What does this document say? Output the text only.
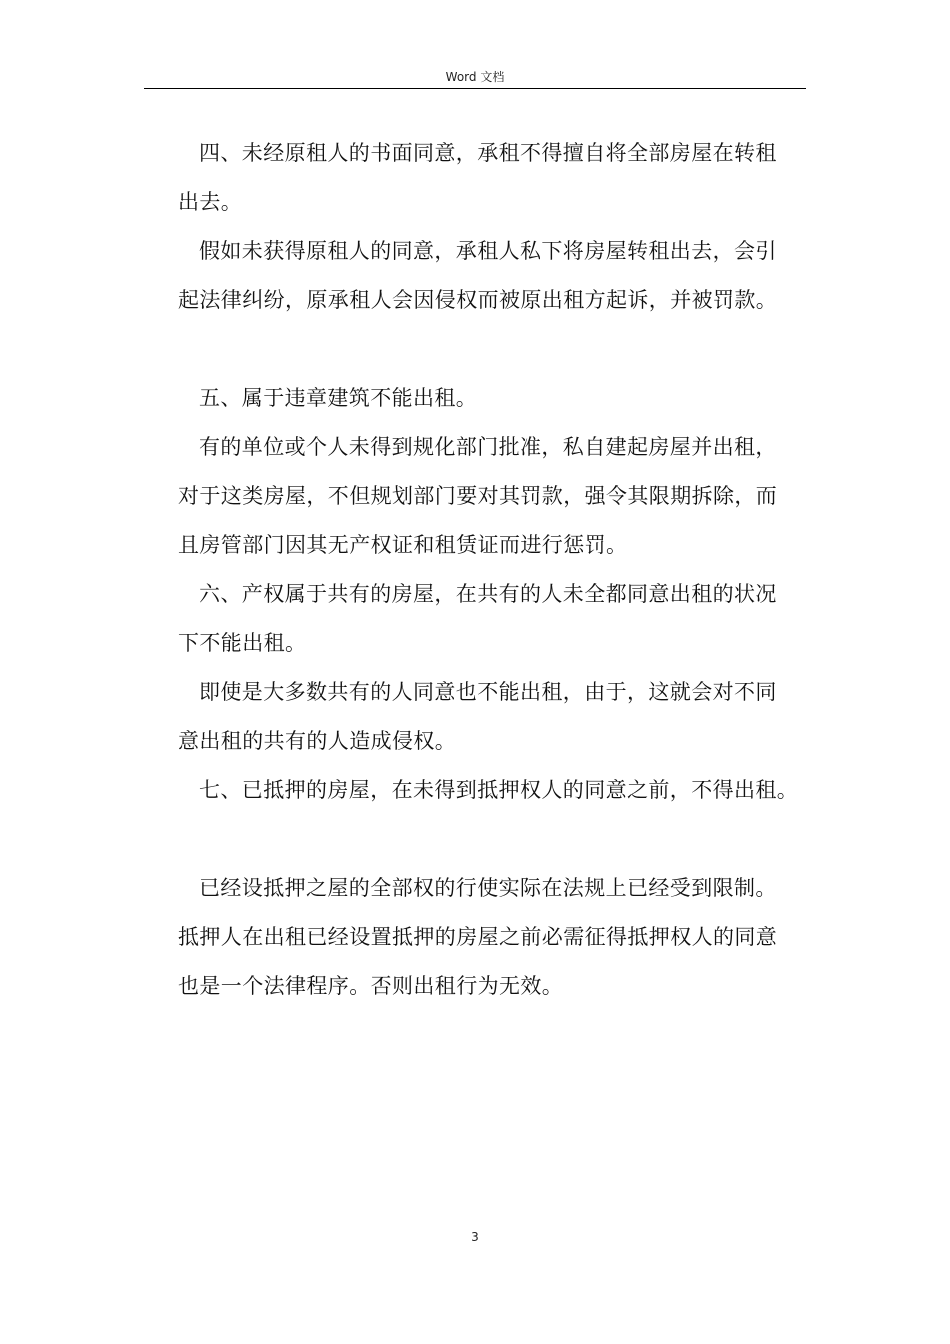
Word 文档
四、未经原租人的书面同意，承租不得擅自将全部房屋在转租
出去。
假如未获得原租人的同意，承租人私下将房屋转租出去，会引
起法律纠纷，原承租人会因侵权而被原出租方起诉，并被罚款。
五、属于违章建筑不能出租。
有的单位或个人未得到规化部门批准，私自建起房屋并出租，
对于这类房屋，不但规划部门要对其罚款，强令其限期拆除，而
且房管部门因其无产权证和租赁证而进行惩罚。
六、产权属于共有的房屋，在共有的人未全都同意出租的状况
下不能出租。
即使是大多数共有的人同意也不能出租，由于，这就会对不同
意出租的共有的人造成侵权。
七、已抵押的房屋，在未得到抵押权人的同意之前，不得出租。
已经设抵押之屋的全部权的行使实际在法规上已经受到限制。
抵押人在出租已经设置抵押的房屋之前必需征得抵押权人的同意
也是一个法律程序。否则出租行为无效。
3
